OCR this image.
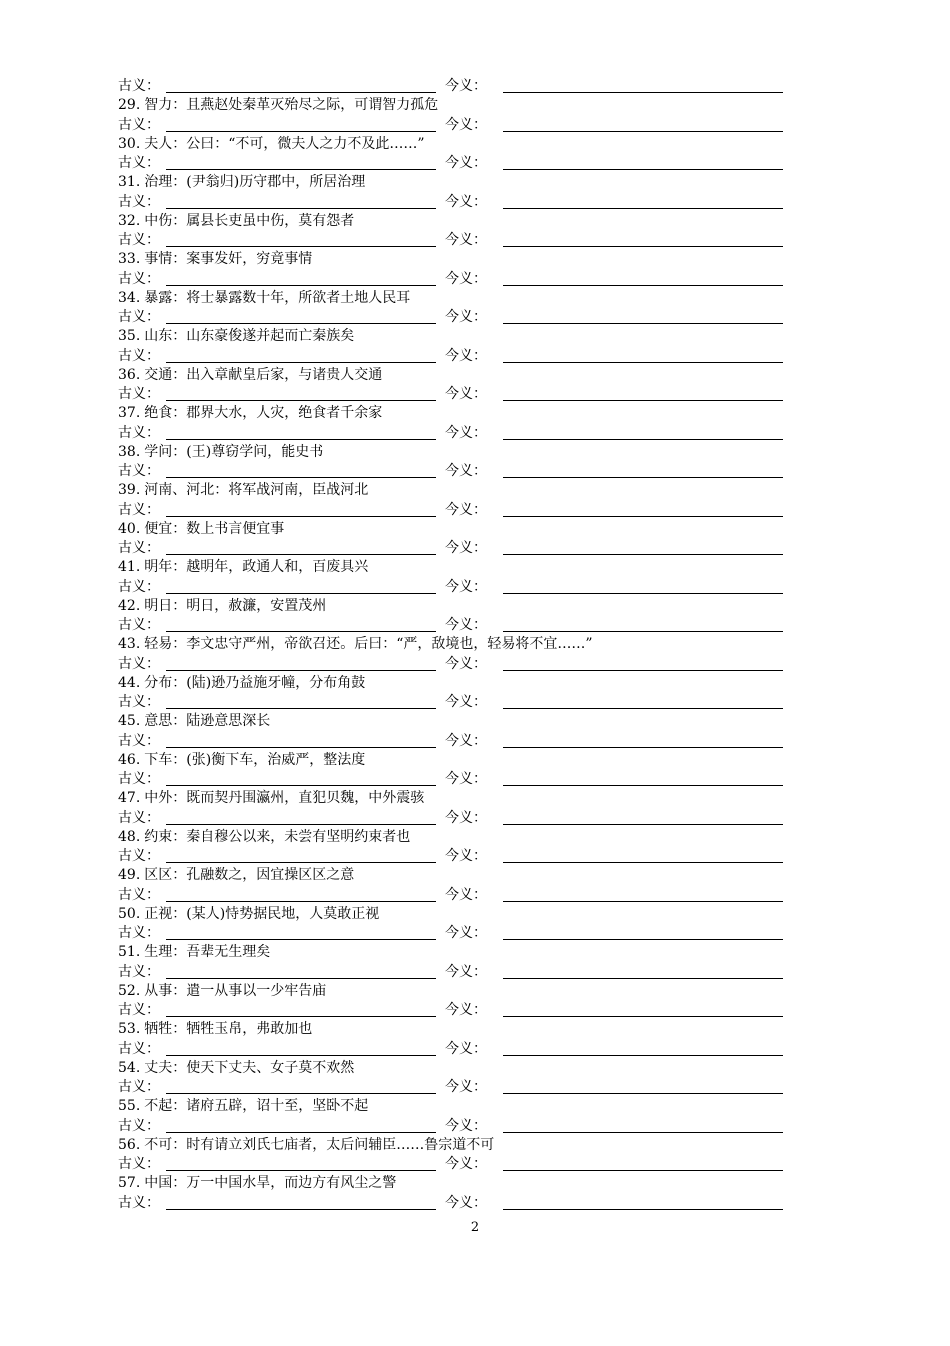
古义：	今义：
29. 智力：且燕赵处秦革灭殆尽之际，可谓智力孤危
古义：	今义：
30. 夫人：公曰：“不可，微夫人之力不及此……”
古义：	今义：
31. 治理：(尹翁归)历守郡中，所居治理
古义：	今义：
32. 中伤：属县长吏虽中伤，莫有怨者
古义：	今义：
33. 事情：案事发奸，穷竟事情
古义：	今义：
34. 暴露：将士暴露数十年，所欲者土地人民耳
古义：	今义：
35. 山东：山东豪俊遂并起而亡秦族矣
古义：	今义：
36. 交通：出入章献皇后家，与诸贵人交通
古义：	今义：
37. 绝食：郡界大水，人灾，绝食者千余家
古义：	今义：
38. 学问：(王)尊窃学问，能史书
古义：	今义：
39. 河南、河北：将军战河南，臣战河北
古义：	今义：
40. 便宜：数上书言便宜事
古义：	今义：
41. 明年：越明年，政通人和，百废具兴
古义：	今义：
42. 明日：明日，赦濂，安置茂州
古义：	今义：
43. 轻易：李文忠守严州，帝欲召还。后曰：“严，敌境也，轻易将不宜……”
古义：	今义：
44. 分布：(陆)逊乃益施牙幢，分布角鼓
古义：	今义：
45. 意思：陆逊意思深长
古义：	今义：
46. 下车：(张)衡下车，治威严，整法度
古义：	今义：
47. 中外：既而契丹围瀛州，直犯贝魏，中外震骇
古义：	今义：
48. 约束：秦自穆公以来，未尝有坚明约束者也
古义：	今义：
49. 区区：孔融数之，因宜操区区之意
古义：	今义：
50. 正视：(某人)恃势据民地，人莫敢正视
古义：	今义：
51. 生理：吾辈无生理矣
古义：	今义：
52. 从事：遣一从事以一少牢告庙
古义：	今义：
53. 牺牲：牺牲玉帛，弗敢加也
古义：	今义：
54. 丈夫：使天下丈夫、女子莫不欢然
古义：	今义：
55. 不起：诸府五辟，诏十至，坚卧不起
古义：	今义：
56. 不可：时有请立刘氏七庙者，太后问辅臣……鲁宗道不可
古义：	今义：
57. 中国：万一中国水旱，而边方有风尘之警
古义：	今义：
2
